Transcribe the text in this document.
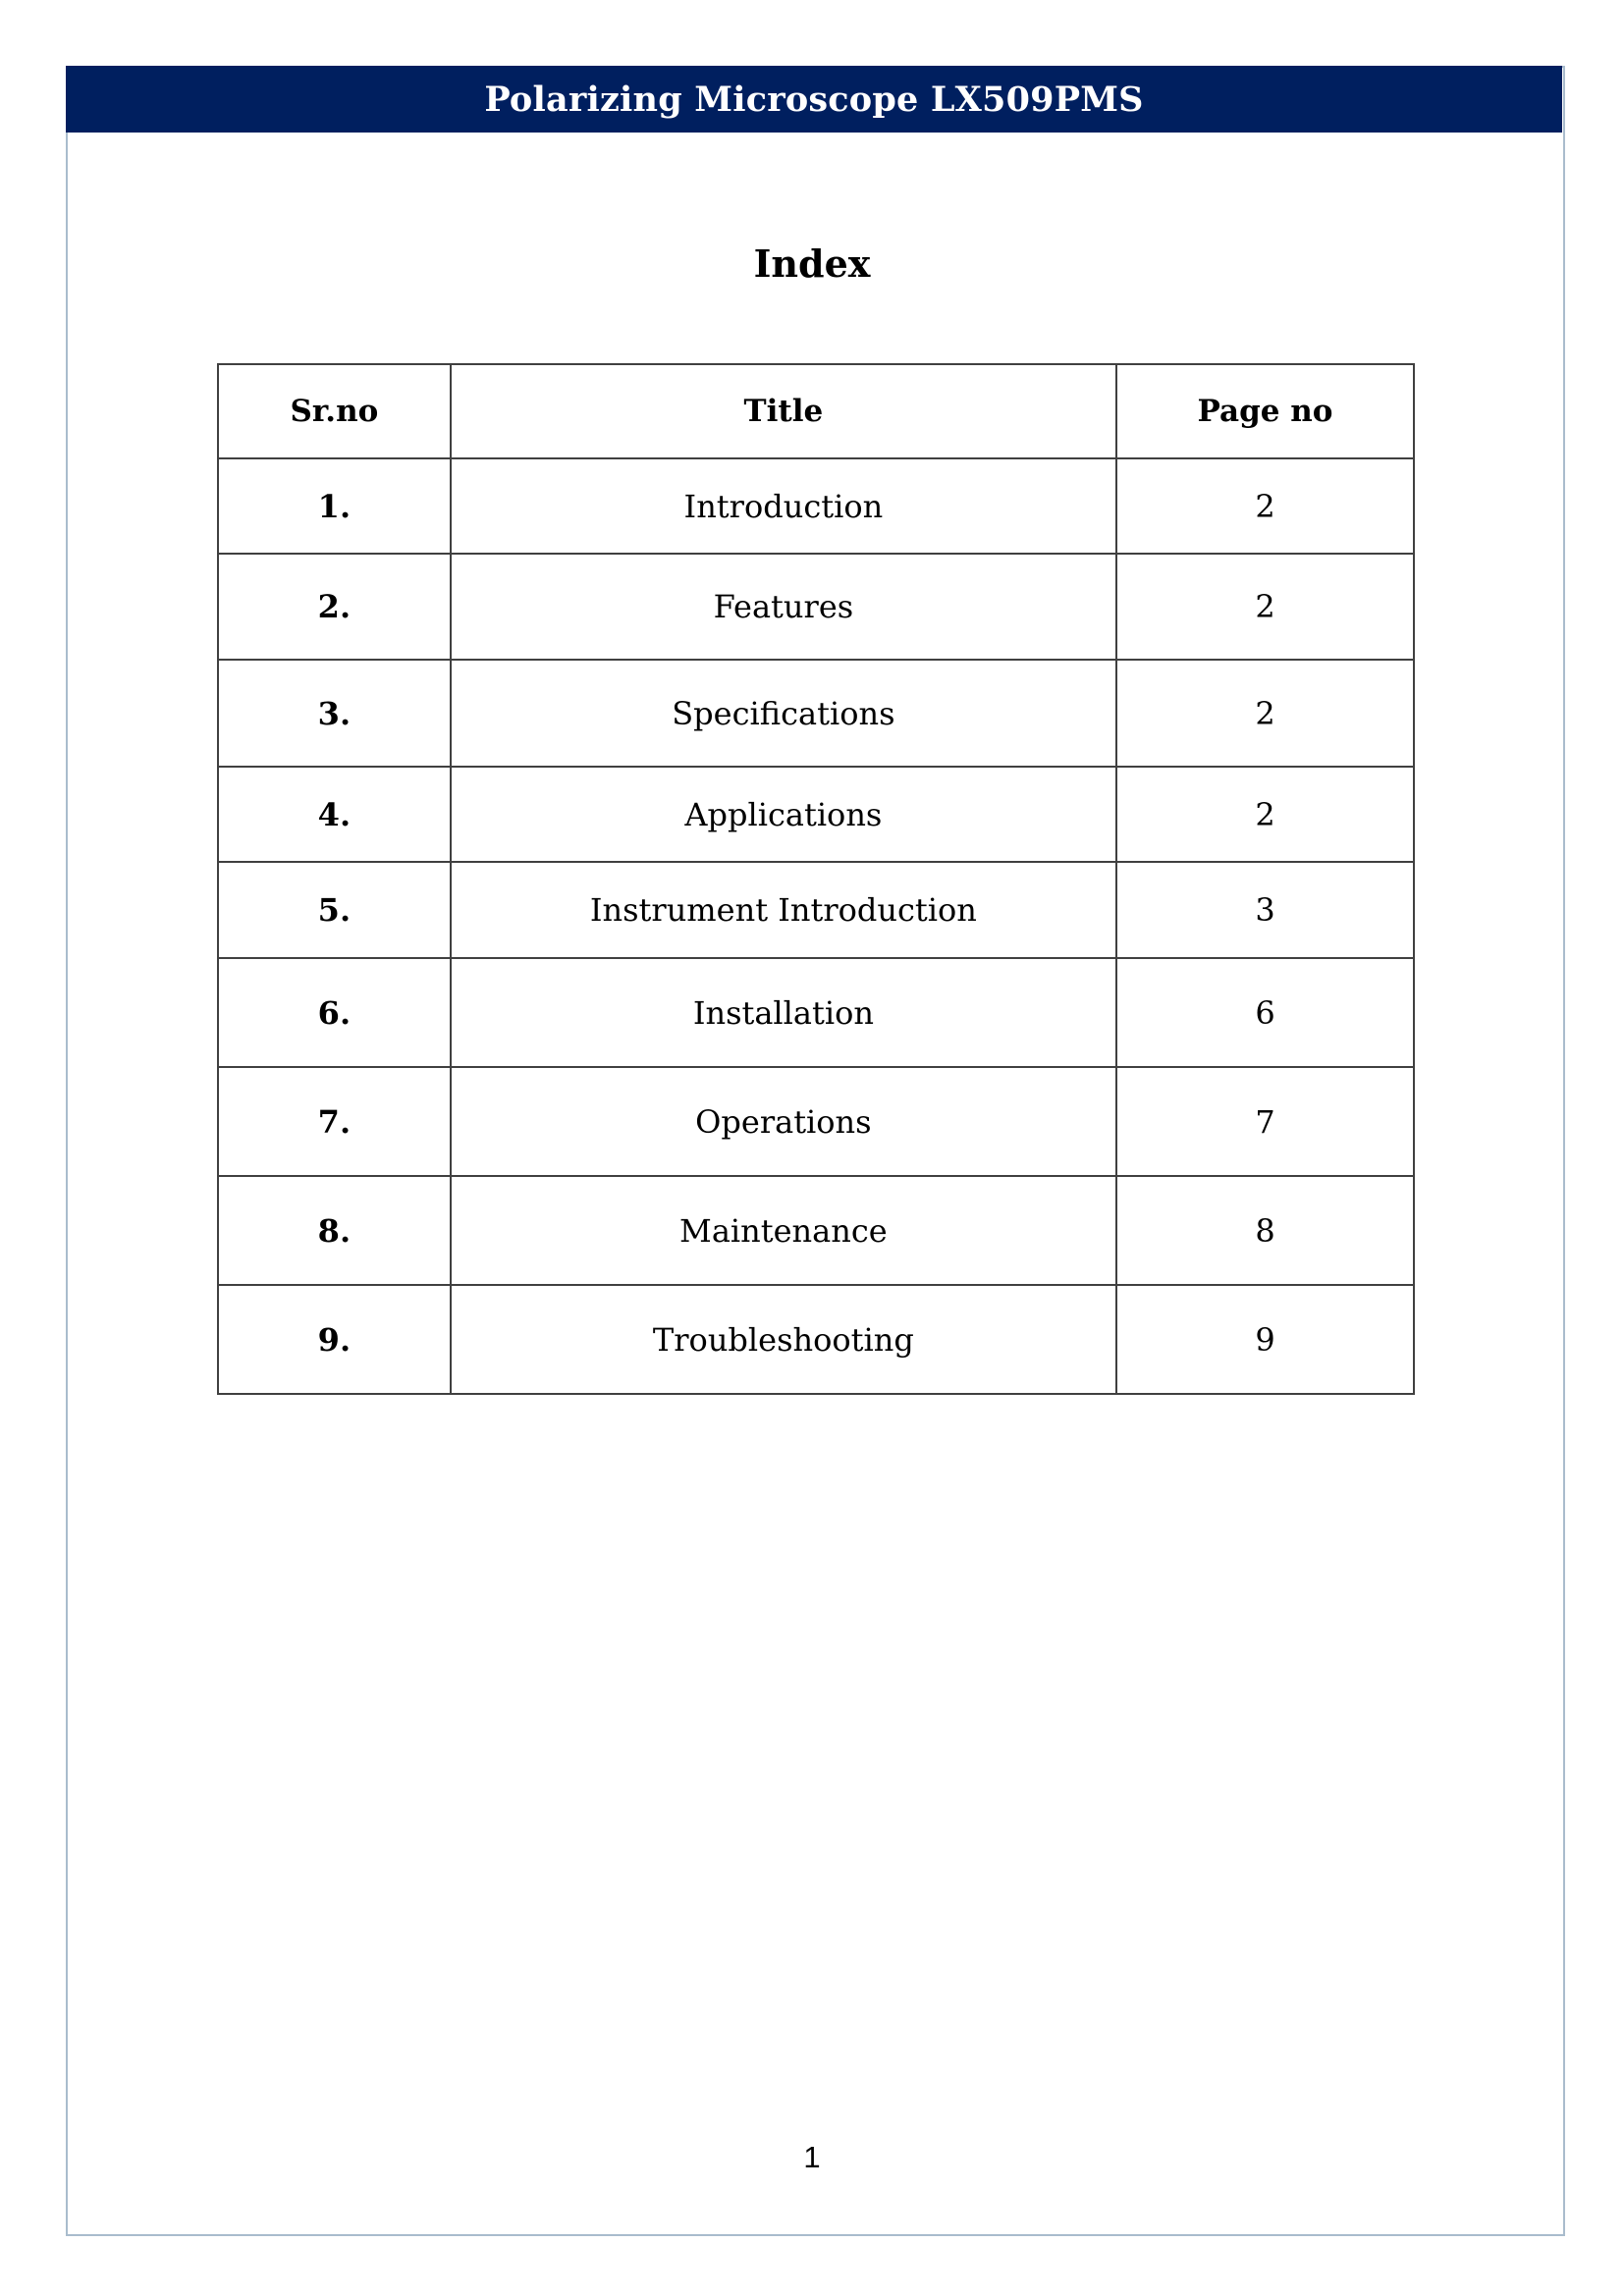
Polarizing Microscope LX509PMS
Index
Sr.no	Title	Page no
1.	Introduction	2
2.	Features	2
3.	Specifications	2
4.	Applications	2
5.	Instrument Introduction	3
6.	Installation	6
7.	Operations	7
8.	Maintenance	8
9.	Troubleshooting	9
1
